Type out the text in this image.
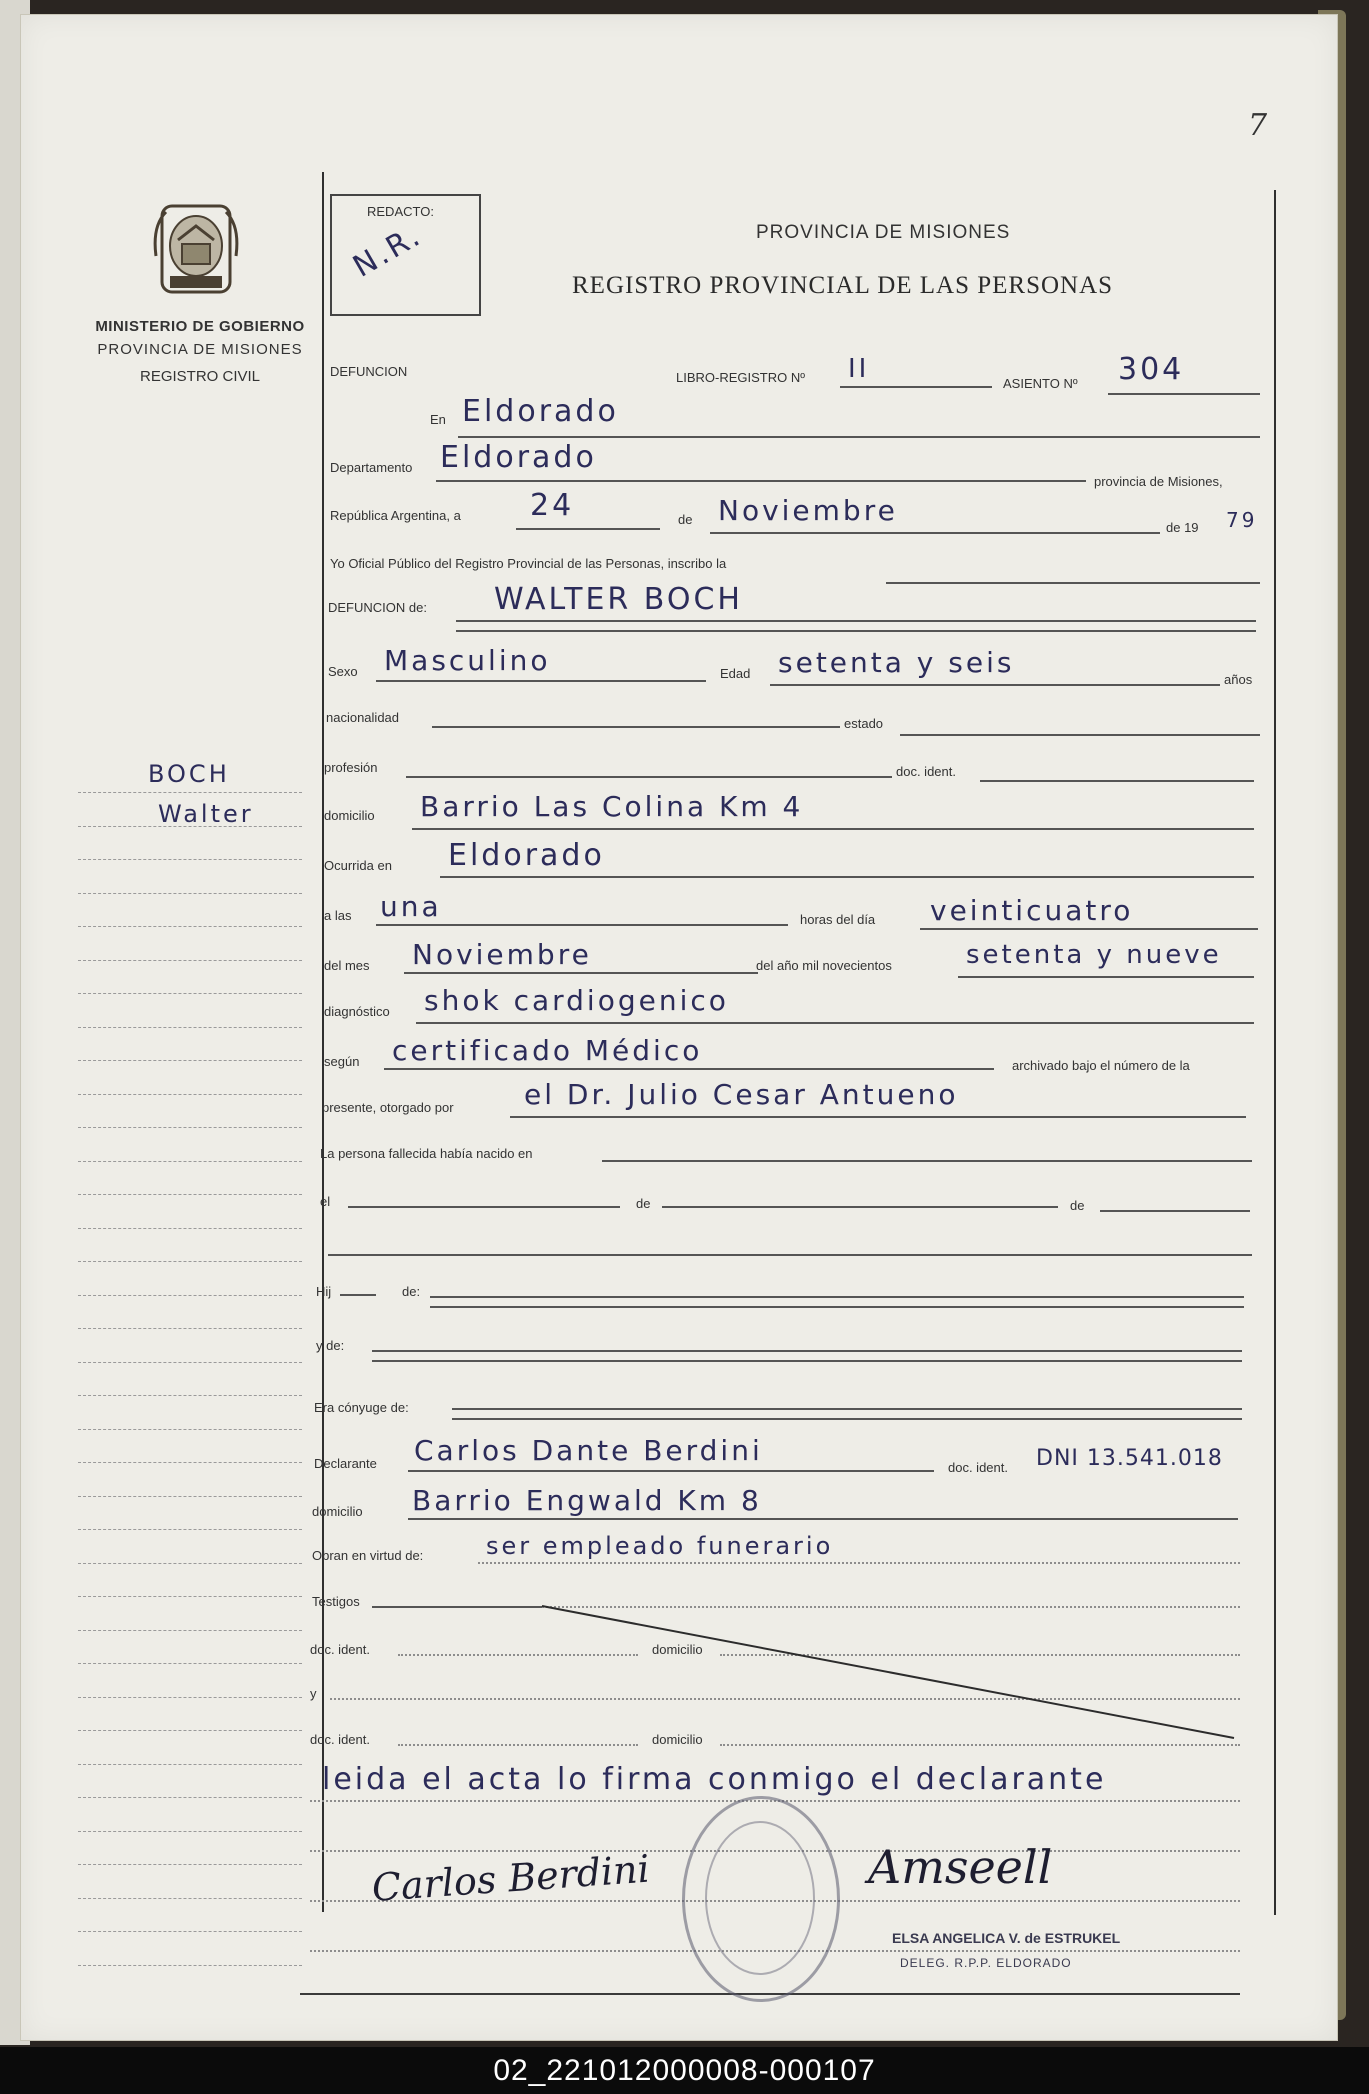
7
MINISTERIO DE GOBIERNO
PROVINCIA DE MISIONES
REGISTRO CIVIL
BOCH
Walter
REDACTO:
N.R.	PROVINCIA DE MISIONES
REGISTRO PROVINCIAL DE LAS PERSONAS
DEFUNCION	LIBRO-REGISTRO Nº II	ASIENTO Nº 304
En Eldorado
Departamento Eldorado
provincia de Misiones,
República Argentina, a 24	de Noviembre
de 19 79
Yo Oficial Público del Registro Provincial de las Personas, inscribo la
DEFUNCION de: WALTER BOCH
Sexo Masculino	Edad setenta y seis
años
nacionalidad	estado
profesión	doc. ident.
domicilio Barrio Las Colina Km 4
Ocurrida en Eldorado
a las una	horas del día veinticuatro
del mes Noviembre	del año mil novecientos	setenta y nueve
diagnóstico shok cardiogenico
según certificado Médico	archivado bajo el número de la
presente, otorgado por	el Dr. Julio Cesar Antueno
La persona fallecida había nacido en
el	de	de
Hij	de:
y de:
Era cónyuge de:
Declarante Carlos Dante Berdini
doc. ident. DNI 13.541.018
domicilio Barrio Engwald Km 8
Obran en virtud de:	ser empleado funerario
Testigos
doc. ident.	domicilio
y
doc. ident.	domicilio
leida el acta lo firma conmigo el declarante
Carlos Berdini	Amseell
ELSA ANGELICA V. de ESTRUKEL
DELEG. R.P.P. ELDORADO
02_221012000008-000107
